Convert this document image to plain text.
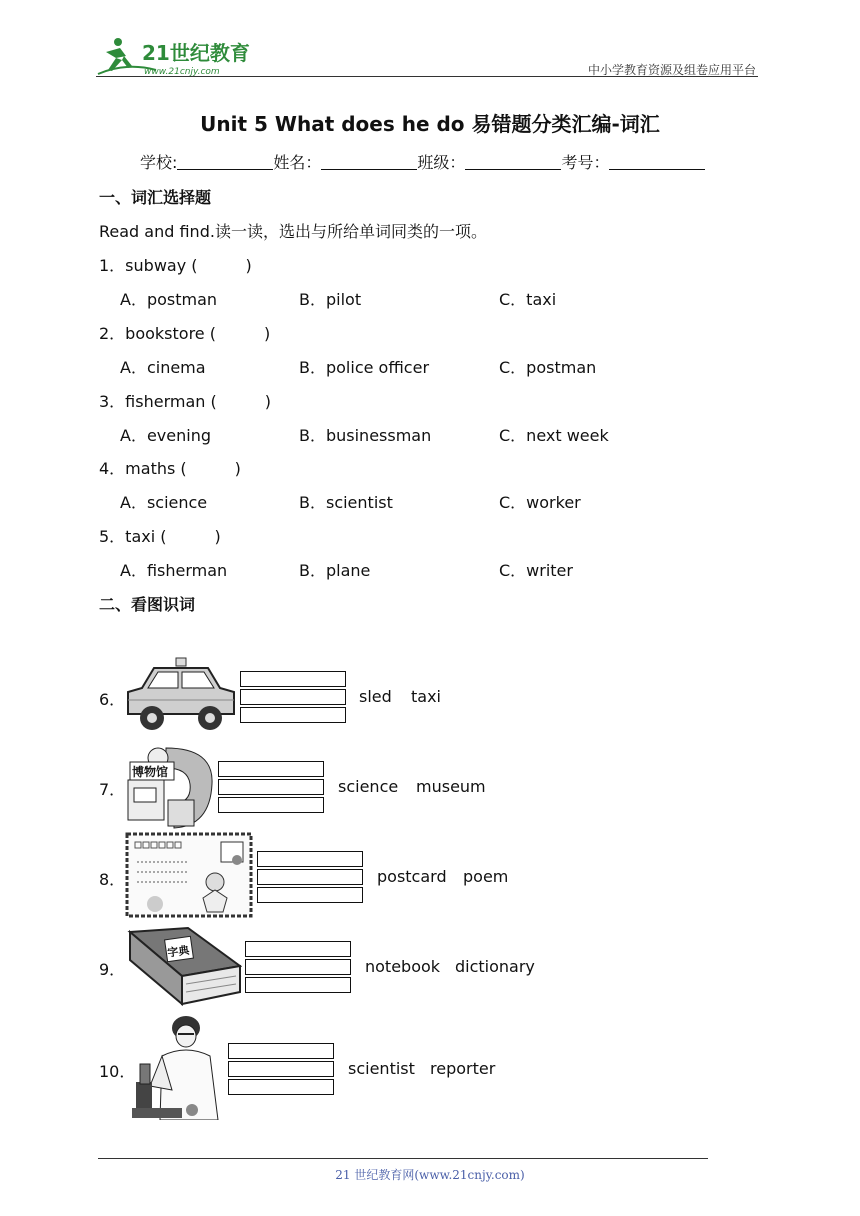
21世纪教育
www.21cnjy.com	中小学教育资源及组卷应用平台
Unit 5 What does he do 易错题分类汇编-词汇
学校:	姓名：	班级：	考号：
一、词汇选择题
Read and find.读一读，选出与所给单词同类的一项。
1．subway (　　　)
A．postman	B．pilot	C．taxi
2．bookstore (　　　)
A．cinema	B．police officer	C．postman
3．fisherman (　　　)
A．evening	B．businessman	C．next week
4．maths (　　　)
A．science	B．scientist	C．worker
5．taxi (　　　)
A．fisherman	B．plane	C．writer
二、看图识词
6．	sled taxi
7．
博物馆
science museum
8．	postcard poem
9．
字典
notebook dictionary
10．	scientist reporter
21 世纪教育网(www.21cnjy.com)
